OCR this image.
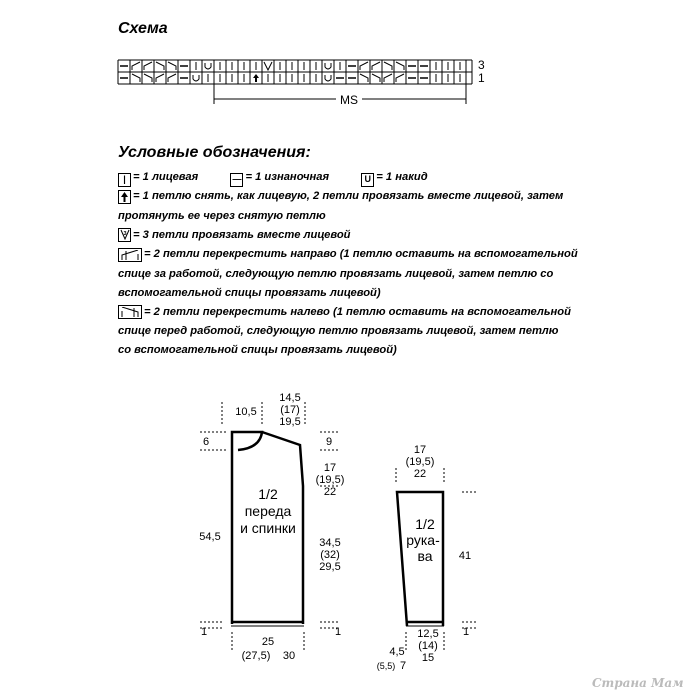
Схема
3
1
MS
Условные обозначения:
| = 1 лицевая	— = 1 изнаночная	U = 1 накид
= 1 петлю снять, как лицевую, 2 петли провязать вместе лицевой, затем
протянуть ее через снятую петлю
3 = 3 петли провязать вместе лицевой
= 2 петли перекрестить направо (1 петлю оставить на вспомогательной
спице за работой, следующую петлю провязать лицевой, затем петлю со
вспомогательной спицы провязать лицевой)
= 2 петли перекрестить налево (1 петлю оставить на вспомогательной
спице перед работой, следующую петлю провязать лицевой, затем петлю
со вспомогательной спицы провязать лицевой)
1/2
переда
и спинки
10,5
14,5
(17)
19,5
6	9
17
(19,5)
22
54,5	34,5
(32)
29,5
1	1
25
(27,5)	30
1/2
рука-
ва
17
(19,5)
22
41
1
12,5
(14)
15
4,5
(5,5) 7
Страна Мам
